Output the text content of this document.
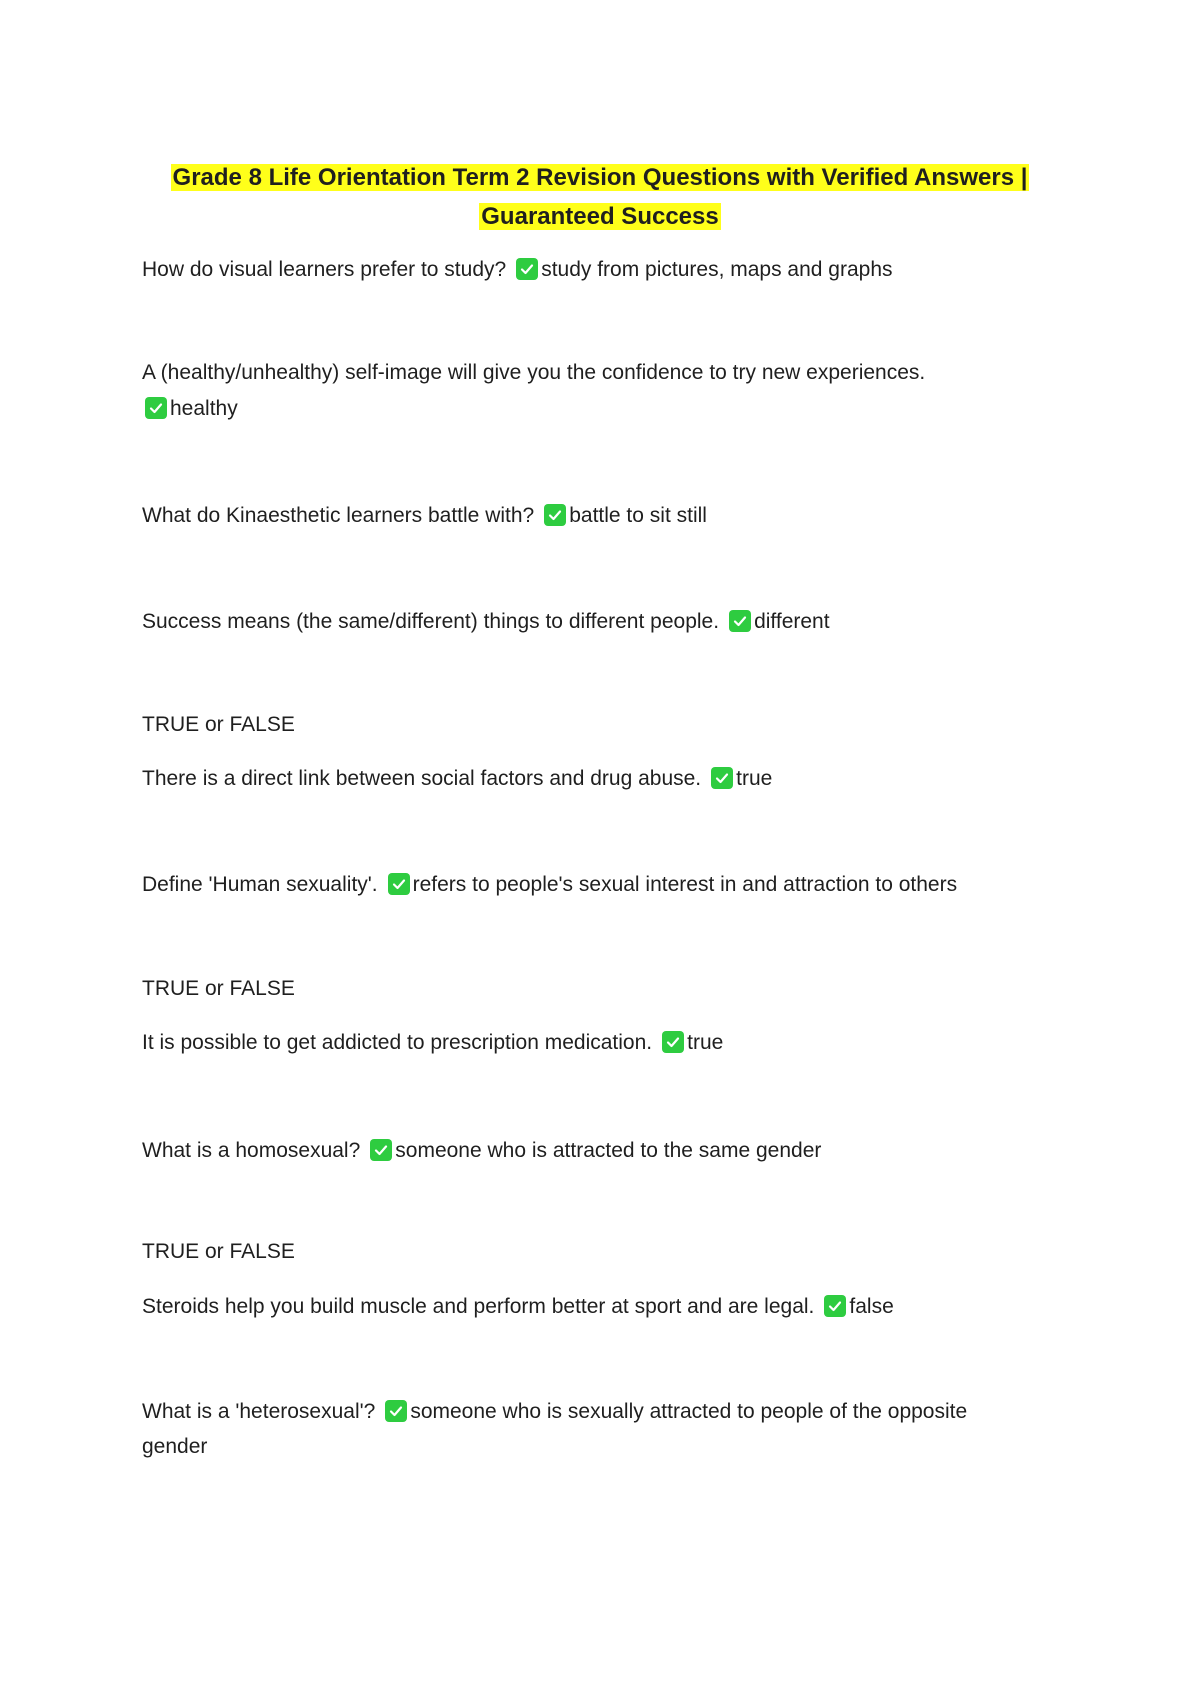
Grade 8 Life Orientation Term 2 Revision Questions with Verified Answers |
Guaranteed Success
How do visual learners prefer to study? study from pictures, maps and graphs
A (healthy/unhealthy) self-image will give you the confidence to try new experiences.
healthy
What do Kinaesthetic learners battle with? battle to sit still
Success means (the same/different) things to different people. different
TRUE or FALSE
There is a direct link between social factors and drug abuse. true
Define 'Human sexuality'. refers to people's sexual interest in and attraction to others
TRUE or FALSE
It is possible to get addicted to prescription medication. true
What is a homosexual? someone who is attracted to the same gender
TRUE or FALSE
Steroids help you build muscle and perform better at sport and are legal. false
What is a 'heterosexual'? someone who is sexually attracted to people of the opposite
gender
